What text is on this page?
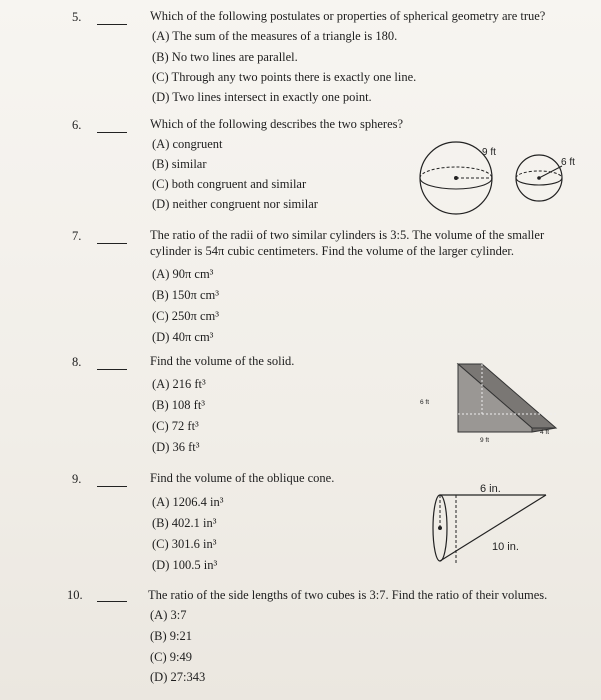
5.	Which of the following postulates or properties of spherical geometry are true?
(A) The sum of the measures of a triangle is 180.
(B) No two lines are parallel.
(C) Through any two points there is exactly one line.
(D) Two lines intersect in exactly one point.
6.	Which of the following describes the two spheres?
(A) congruent
(B) similar
(C) both congruent and similar
(D) neither congruent nor similar
9 ft
6 ft
7.	The ratio of the radii of two similar cylinders is 3:5. The volume of the smaller
cylinder is 54π cubic centimeters. Find the volume of the larger cylinder.
(A) 90π cm³
(B) 150π cm³
(C) 250π cm³
(D) 40π cm³
8.	Find the volume of the solid.
(A) 216 ft³
(B) 108 ft³
(C) 72 ft³
(D) 36 ft³
6 ft
9 ft
4 ft
9.	Find the volume of the oblique cone.
(A) 1206.4 in³
(B) 402.1 in³
(C) 301.6 in³
(D) 100.5 in³
6 in.
10 in.
10.	The ratio of the side lengths of two cubes is 3:7. Find the ratio of their volumes.
(A) 3:7
(B) 9:21
(C) 9:49
(D) 27:343
